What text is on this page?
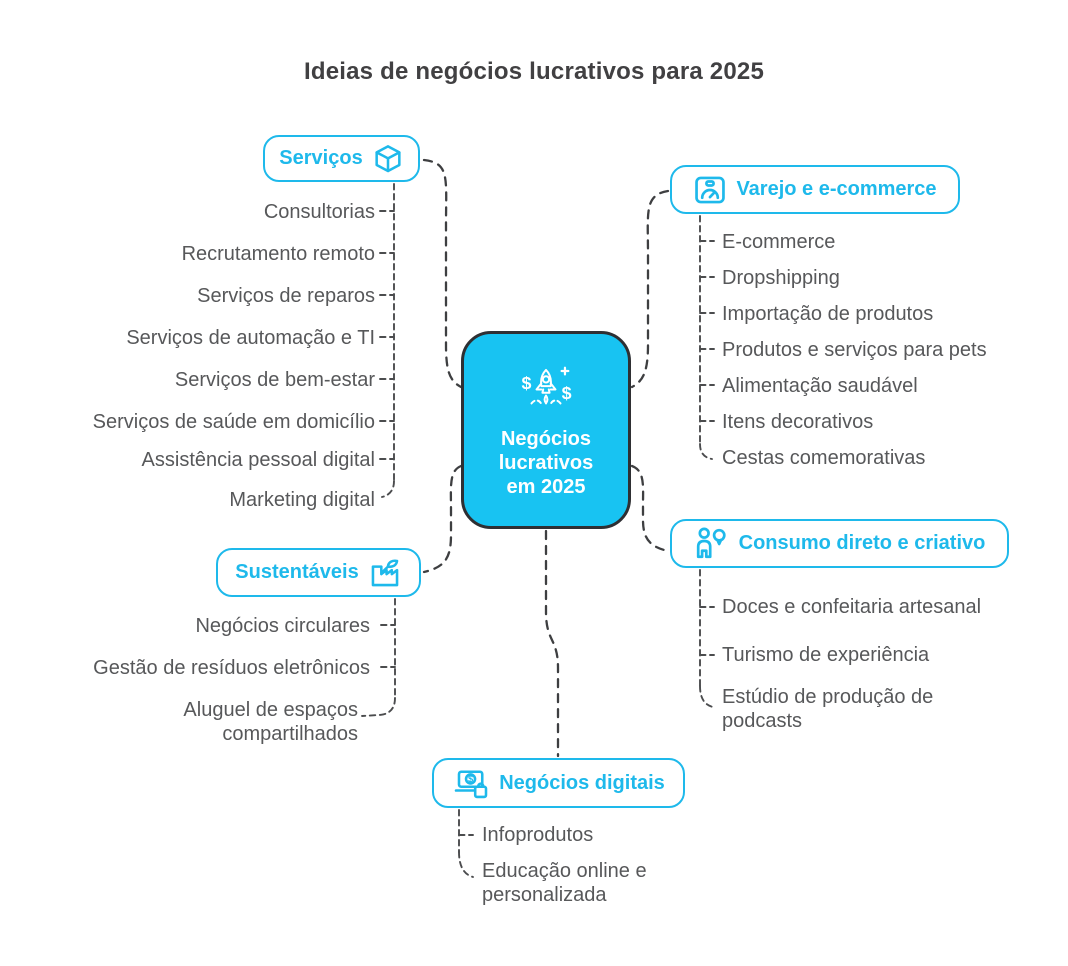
Ideias de negócios lucrativos para 2025
$
$
Negócios
lucrativos
em 2025
Serviços
Varejo e e-commerce
Sustentáveis
Consumo direto e criativo
$ Negócios digitais
Consultorias
Recrutamento remoto
Serviços de reparos
Serviços de automação e TI
Serviços de bem-estar
Serviços de saúde em domicílio
Assistência pessoal digital
Marketing digital
E-commerce
Dropshipping
Importação de produtos
Produtos e serviços para pets
Alimentação saudável
Itens decorativos
Cestas comemorativas
Negócios circulares
Gestão de resíduos eletrônicos
Aluguel de espaços compartilhados
Doces e confeitaria artesanal
Turismo de experiência
Estúdio de produção de podcasts
Infoprodutos
Educação online e personalizada
